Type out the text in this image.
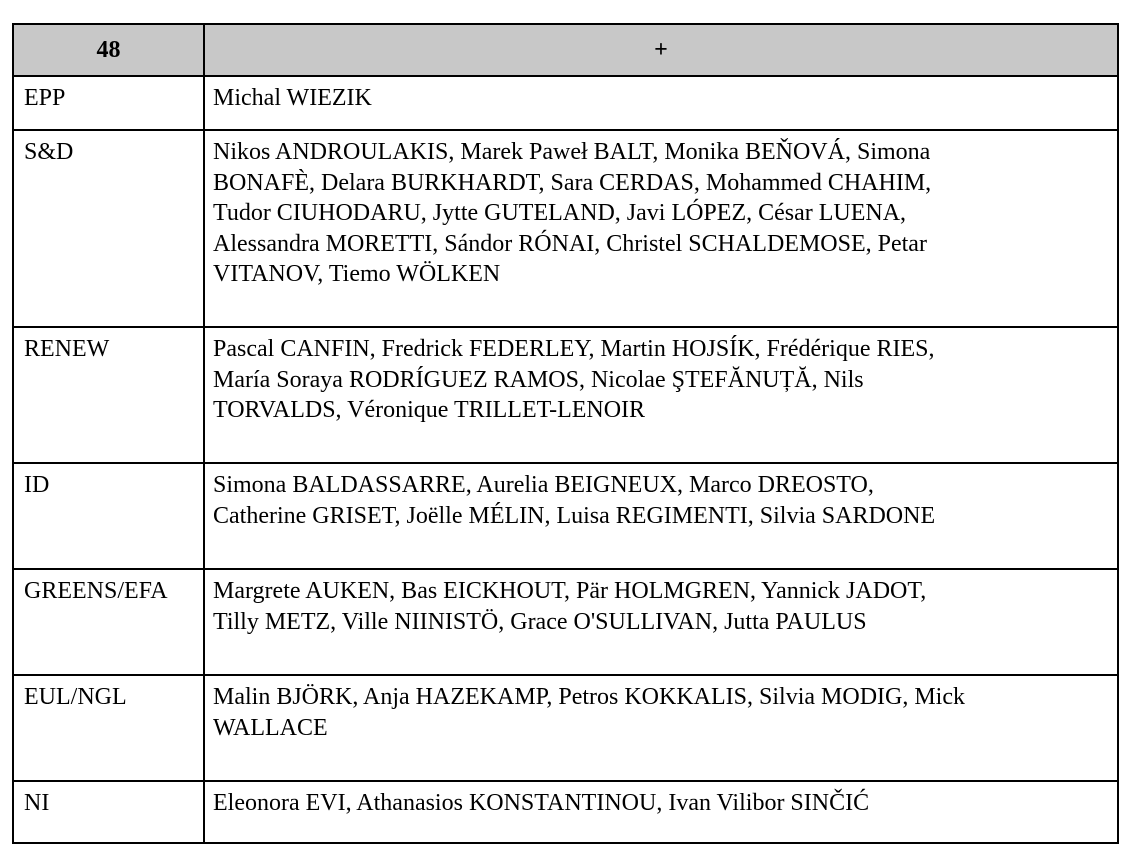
48	+
EPP	Michal WIEZIK

S&D	Nikos ANDROULAKIS, Marek Paweł BALT, Monika BEŇOVÁ, Simona
BONAFÈ, Delara BURKHARDT, Sara CERDAS, Mohammed CHAHIM,
Tudor CIUHODARU, Jytte GUTELAND, Javi LÓPEZ, César LUENA,
Alessandra MORETTI, Sándor RÓNAI, Christel SCHALDEMOSE, Petar
VITANOV, Tiemo WÖLKEN

RENEW	Pascal CANFIN, Fredrick FEDERLEY, Martin HOJSÍK, Frédérique RIES,
María Soraya RODRÍGUEZ RAMOS, Nicolae ŞTEFĂNUȚĂ, Nils
TORVALDS, Véronique TRILLET-LENOIR

ID	Simona BALDASSARRE, Aurelia BEIGNEUX, Marco DREOSTO,
Catherine GRISET, Joëlle MÉLIN, Luisa REGIMENTI, Silvia SARDONE

GREENS/EFA	Margrete AUKEN, Bas EICKHOUT, Pär HOLMGREN, Yannick JADOT,
Tilly METZ, Ville NIINISTÖ, Grace O'SULLIVAN, Jutta PAULUS

EUL/NGL	Malin BJÖRK, Anja HAZEKAMP, Petros KOKKALIS, Silvia MODIG, Mick
WALLACE

NI	Eleonora EVI, Athanasios KONSTANTINOU, Ivan Vilibor SINČIĆ
